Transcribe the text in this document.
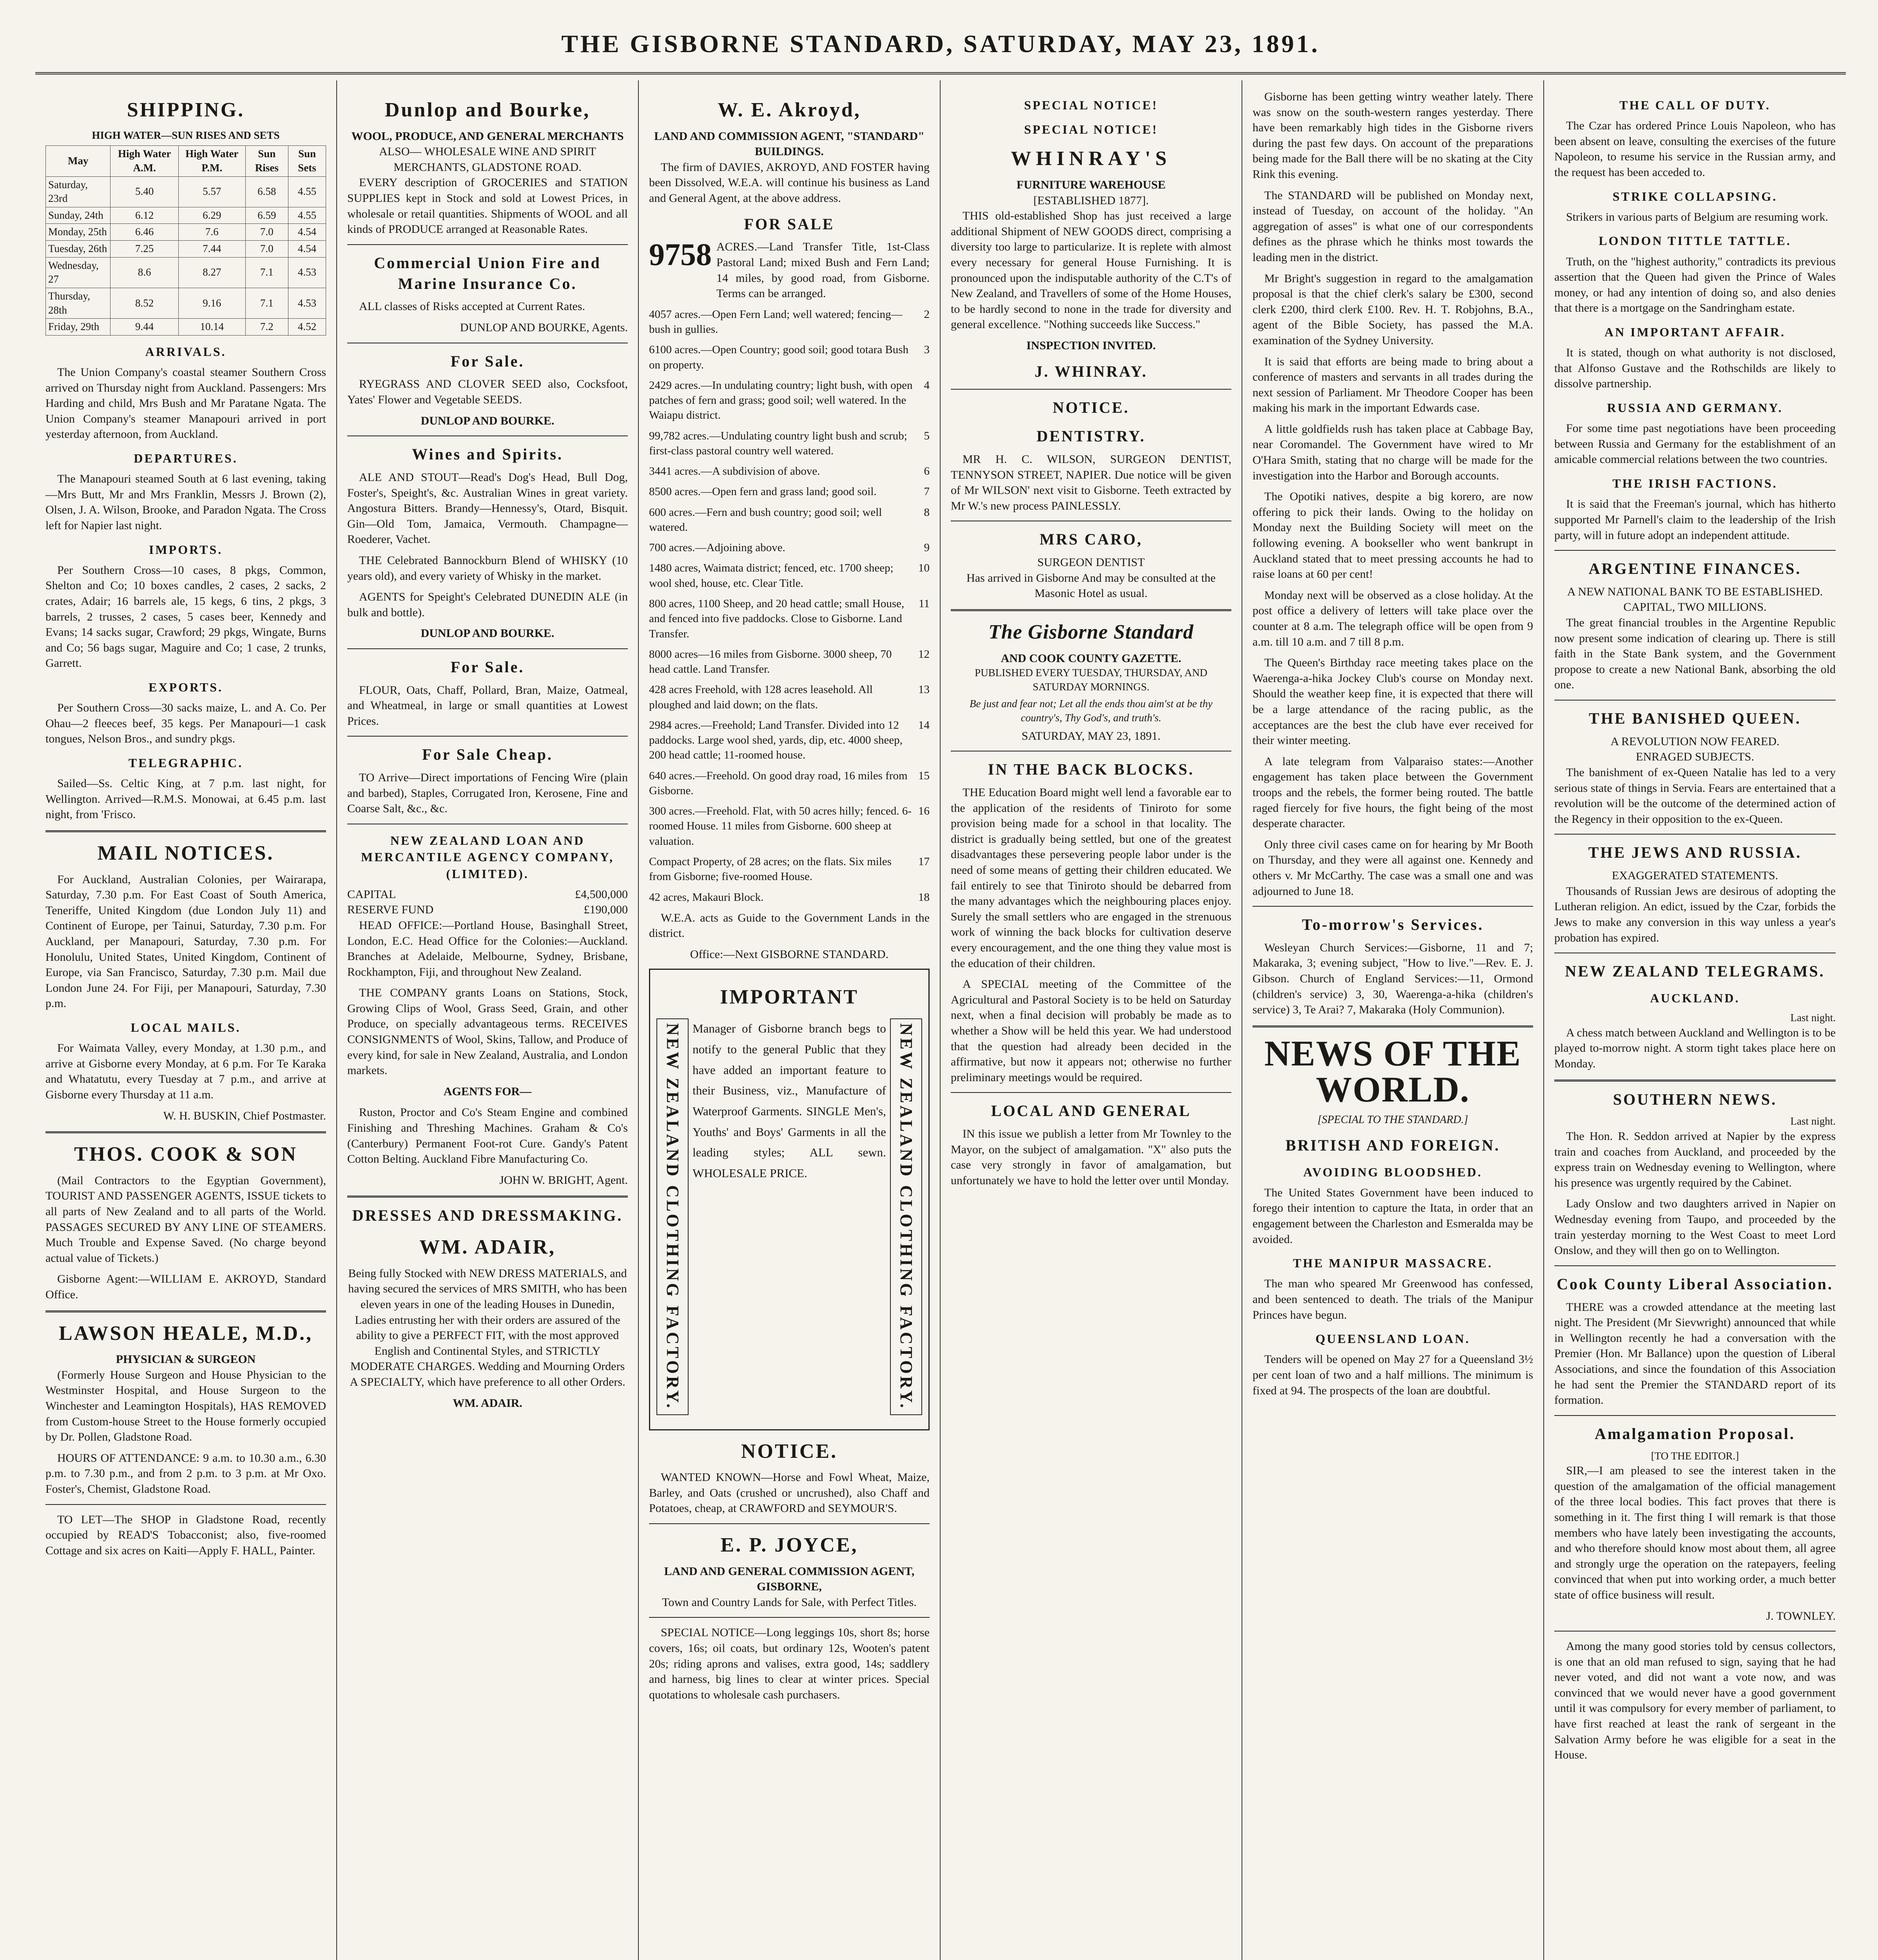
THE GISBORNE STANDARD, SATURDAY, MAY 23, 1891.
SHIPPING.
HIGH WATER—SUN RISES AND SETS
May	High Water A.M.	High Water P.M.	Sun Rises	Sun Sets
Saturday, 23rd	5.40	5.57	6.58	4.55
Sunday, 24th	6.12	6.29	6.59	4.55
Monday, 25th	6.46	7.6	7.0	4.54
Tuesday, 26th	7.25	7.44	7.0	4.54
Wednesday, 27	8.6	8.27	7.1	4.53
Thursday, 28th	8.52	9.16	7.1	4.53
Friday, 29th	9.44	10.14	7.2	4.52
ARRIVALS.

The Union Company's coastal steamer Southern Cross arrived on Thursday night from Auckland. Passengers: Mrs Harding and child, Mrs Bush and Mr Paratane Ngata. The Union Company's steamer Manapouri arrived in port yesterday afternoon, from Auckland.

DEPARTURES.

The Manapouri steamed South at 6 last evening, taking—Mrs Butt, Mr and Mrs Franklin, Messrs J. Brown (2), Olsen, J. A. Wilson, Brooke, and Paradon Ngata. The Cross left for Napier last night.

IMPORTS.

Per Southern Cross—10 cases, 8 pkgs, Common, Shelton and Co; 10 boxes candles, 2 cases, 2 sacks, 2 crates, Adair; 16 barrels ale, 15 kegs, 6 tins, 2 pkgs, 3 barrels, 2 trusses, 2 cases, 5 cases beer, Kennedy and Evans; 14 sacks sugar, Crawford; 29 pkgs, Wingate, Burns and Co; 56 bags sugar, Maguire and Co; 1 case, 2 trunks, Garrett.

EXPORTS.

Per Southern Cross—30 sacks maize, L. and A. Co. Per Ohau—2 fleeces beef, 35 kegs. Per Manapouri—1 cask tongues, Nelson Bros., and sundry pkgs.

TELEGRAPHIC.

Sailed—Ss. Celtic King, at 7 p.m. last night, for Wellington. Arrived—R.M.S. Monowai, at 6.45 p.m. last night, from 'Frisco.

MAIL NOTICES.

For Auckland, Australian Colonies, per Wairarapa, Saturday, 7.30 p.m. For East Coast of South America, Teneriffe, United Kingdom (due London July 11) and Continent of Europe, per Tainui, Saturday, 7.30 p.m. For Auckland, per Manapouri, Saturday, 7.30 p.m. For Honolulu, United States, United Kingdom, Continent of Europe, via San Francisco, Saturday, 7.30 p.m. Mail due London June 24. For Fiji, per Manapouri, Saturday, 7.30 p.m.

LOCAL MAILS.

For Waimata Valley, every Monday, at 1.30 p.m., and arrive at Gisborne every Monday, at 6 p.m. For Te Karaka and Whatatutu, every Tuesday at 7 p.m., and arrive at Gisborne every Thursday at 11 a.m.

W. H. BUSKIN, Chief Postmaster.

THOS. COOK & SON

(Mail Contractors to the Egyptian Government), TOURIST AND PASSENGER AGENTS, ISSUE tickets to all parts of New Zealand and to all parts of the World. PASSAGES SECURED BY ANY LINE OF STEAMERS. Much Trouble and Expense Saved. (No charge beyond actual value of Tickets.)

Gisborne Agent:—WILLIAM E. AKROYD, Standard Office.

LAWSON HEALE, M.D.,
PHYSICIAN & SURGEON

(Formerly House Surgeon and House Physician to the Westminster Hospital, and House Surgeon to the Winchester and Leamington Hospitals), HAS REMOVED from Custom-house Street to the House formerly occupied by Dr. Pollen, Gladstone Road.

HOURS OF ATTENDANCE: 9 a.m. to 10.30 a.m., 6.30 p.m. to 7.30 p.m., and from 2 p.m. to 3 p.m. at Mr Oxo. Foster's, Chemist, Gladstone Road.

TO LET—The SHOP in Gladstone Road, recently occupied by READ'S Tobacconist; also, five-roomed Cottage and six acres on Kaiti—Apply F. HALL, Painter.

Dunlop and Bourke,
WOOL, PRODUCE, AND GENERAL MERCHANTS
ALSO— WHOLESALE WINE AND SPIRIT MERCHANTS, GLADSTONE ROAD.

EVERY description of GROCERIES and STATION SUPPLIES kept in Stock and sold at Lowest Prices, in wholesale or retail quantities. Shipments of WOOL and all kinds of PRODUCE arranged at Reasonable Rates.

Commercial Union Fire and Marine Insurance Co.

ALL classes of Risks accepted at Current Rates.

DUNLOP AND BOURKE, Agents.

For Sale.

RYEGRASS AND CLOVER SEED also, Cocksfoot, Yates' Flower and Vegetable SEEDS.

DUNLOP AND BOURKE.

Wines and Spirits.

ALE AND STOUT—Read's Dog's Head, Bull Dog, Foster's, Speight's, &c. Australian Wines in great variety. Angostura Bitters. Brandy—Hennessy's, Otard, Bisquit. Gin—Old Tom, Jamaica, Vermouth. Champagne—Roederer, Vachet.

THE Celebrated Bannockburn Blend of WHISKY (10 years old), and every variety of Whisky in the market.

AGENTS for Speight's Celebrated DUNEDIN ALE (in bulk and bottle).

DUNLOP AND BOURKE.

For Sale.

FLOUR, Oats, Chaff, Pollard, Bran, Maize, Oatmeal, and Wheatmeal, in large or small quantities at Lowest Prices.

For Sale Cheap.

TO Arrive—Direct importations of Fencing Wire (plain and barbed), Staples, Corrugated Iron, Kerosene, Fine and Coarse Salt, &c., &c.

NEW ZEALAND LOAN AND MERCANTILE AGENCY COMPANY, (LIMITED).
CAPITAL	£4,500,000
RESERVE FUND	£190,000

HEAD OFFICE:—Portland House, Basinghall Street, London, E.C. Head Office for the Colonies:—Auckland. Branches at Adelaide, Melbourne, Sydney, Brisbane, Rockhampton, Fiji, and throughout New Zealand.

THE COMPANY grants Loans on Stations, Stock, Growing Clips of Wool, Grass Seed, Grain, and other Produce, on specially advantageous terms. RECEIVES CONSIGNMENTS of Wool, Skins, Tallow, and Produce of every kind, for sale in New Zealand, Australia, and London markets.

AGENTS FOR—

Ruston, Proctor and Co's Steam Engine and combined Finishing and Threshing Machines. Graham & Co's (Canterbury) Permanent Foot-rot Cure. Gandy's Patent Cotton Belting. Auckland Fibre Manufacturing Co.

JOHN W. BRIGHT, Agent.

DRESSES AND DRESSMAKING.
WM. ADAIR,

Being fully Stocked with NEW DRESS MATERIALS, and having secured the services of MRS SMITH, who has been eleven years in one of the leading Houses in Dunedin, Ladies entrusting her with their orders are assured of the ability to give a PERFECT FIT, with the most approved English and Continental Styles, and STRICTLY MODERATE CHARGES. Wedding and Mourning Orders A SPECIALTY, which have preference to all other Orders.

WM. ADAIR.

W. E. Akroyd,
LAND AND COMMISSION AGENT, "STANDARD" BUILDINGS.

The firm of DAVIES, AKROYD, AND FOSTER having been Dissolved, W.E.A. will continue his business as Land and General Agent, at the above address.

FOR SALE
9758 ACRES.—Land Transfer Title, 1st-Class Pastoral Land; mixed Bush and Fern Land; 14 miles, by good road, from Gisborne. Terms can be arranged.
4057 acres.—Open Fern Land; well watered; fencing—bush in gullies.
2
6100 acres.—Open Country; good soil; good totara Bush on property.
3
2429 acres.—In undulating country; light bush, with open patches of fern and grass; good soil; well watered. In the Waiapu district.
4
99,782 acres.—Undulating country light bush and scrub; first-class pastoral country well watered.
5
3441 acres.—A subdivision of above.	6
8500 acres.—Open fern and grass land; good soil.	7
600 acres.—Fern and bush country; good soil; well watered.
8
700 acres.—Adjoining above.	9
1480 acres, Waimata district; fenced, etc. 1700 sheep; wool shed, house, etc. Clear Title.
10
800 acres, 1100 Sheep, and 20 head cattle; small House, and fenced into five paddocks. Close to Gisborne. Land Transfer.
11
8000 acres—16 miles from Gisborne. 3000 sheep, 70 head cattle. Land Transfer.
12
428 acres Freehold, with 128 acres leasehold. All ploughed and laid down; on the flats.
13
2984 acres.—Freehold; Land Transfer. Divided into 12 paddocks. Large wool shed, yards, dip, etc. 4000 sheep, 200 head cattle; 11-roomed house.
14
640 acres.—Freehold. On good dray road, 16 miles from Gisborne.
15
300 acres.—Freehold. Flat, with 50 acres hilly; fenced. 6-roomed House. 11 miles from Gisborne. 600 sheep at valuation.
16
Compact Property, of 28 acres; on the flats. Six miles from Gisborne; five-roomed House.
17
42 acres, Makauri Block.	18

W.E.A. acts as Guide to the Government Lands in the district.

Office:—Next GISBORNE STANDARD.

IMPORTANT
NEW ZEALAND CLOTHING FACTORY. Manager of Gisborne branch begs to notify to the general Public that they have added an important feature to their Business, viz., Manufacture of Waterproof Garments. SINGLE Men's, Youths' and Boys' Garments in all the leading styles; ALL sewn. WHOLESALE PRICE.	NEW ZEALAND CLOTHING FACTORY.
NOTICE.

WANTED KNOWN—Horse and Fowl Wheat, Maize, Barley, and Oats (crushed or uncrushed), also Chaff and Potatoes, cheap, at CRAWFORD and SEYMOUR'S.

E. P. JOYCE,
LAND AND GENERAL COMMISSION AGENT, GISBORNE,

Town and Country Lands for Sale, with Perfect Titles.

SPECIAL NOTICE—Long leggings 10s, short 8s; horse covers, 16s; oil coats, but ordinary 12s, Wooten's patent 20s; riding aprons and valises, extra good, 14s; saddlery and harness, big lines to clear at winter prices. Special quotations to wholesale cash purchasers.

SPECIAL NOTICE!
SPECIAL NOTICE!
WHINRAY'S
FURNITURE WAREHOUSE
[ESTABLISHED 1877].

THIS old-established Shop has just received a large additional Shipment of NEW GOODS direct, comprising a diversity too large to particularize. It is replete with almost every necessary for general House Furnishing. It is pronounced upon the indisputable authority of the C.T's of New Zealand, and Travellers of some of the Home Houses, to be hardly second to none in the trade for diversity and general excellence. "Nothing succeeds like Success."

INSPECTION INVITED.

J. WHINRAY.
NOTICE.
DENTISTRY.

MR H. C. WILSON, SURGEON DENTIST, TENNYSON STREET, NAPIER. Due notice will be given of Mr WILSON' next visit to Gisborne. Teeth extracted by Mr W.'s new process PAINLESSLY.

MRS CARO,
SURGEON DENTIST

Has arrived in Gisborne And may be consulted at the Masonic Hotel as usual.

The Gisborne Standard
AND COOK COUNTY GAZETTE.
PUBLISHED EVERY TUESDAY, THURSDAY, AND SATURDAY MORNINGS.
Be just and fear not; Let all the ends thou aim'st at be thy country's, Thy God's, and truth's.
SATURDAY, MAY 23, 1891.
IN THE BACK BLOCKS.

THE Education Board might well lend a favorable ear to the application of the residents of Tiniroto for some provision being made for a school in that locality. The district is gradually being settled, but one of the greatest disadvantages these persevering people labor under is the need of some means of getting their children educated. We fail entirely to see that Tiniroto should be debarred from the many advantages which the neighbouring places enjoy. Surely the small settlers who are engaged in the strenuous work of winning the back blocks for cultivation deserve every encouragement, and the one thing they value most is the education of their children.

A SPECIAL meeting of the Committee of the Agricultural and Pastoral Society is to be held on Saturday next, when a final decision will probably be made as to whether a Show will be held this year. We had understood that the question had already been decided in the affirmative, but now it appears not; otherwise no further preliminary meetings would be required.

LOCAL AND GENERAL

IN this issue we publish a letter from Mr Townley to the Mayor, on the subject of amalgamation. "X" also puts the case very strongly in favor of amalgamation, but unfortunately we have to hold the letter over until Monday.

Gisborne has been getting wintry weather lately. There was snow on the south-western ranges yesterday. There have been remarkably high tides in the Gisborne rivers during the past few days. On account of the preparations being made for the Ball there will be no skating at the City Rink this evening.

The STANDARD will be published on Monday next, instead of Tuesday, on account of the holiday. "An aggregation of asses" is what one of our correspondents defines as the phrase which he thinks most towards the leading men in the district.

Mr Bright's suggestion in regard to the amalgamation proposal is that the chief clerk's salary be £300, second clerk £200, third clerk £100. Rev. H. T. Robjohns, B.A., agent of the Bible Society, has passed the M.A. examination of the Sydney University.

It is said that efforts are being made to bring about a conference of masters and servants in all trades during the next session of Parliament. Mr Theodore Cooper has been making his mark in the important Edwards case.

A little goldfields rush has taken place at Cabbage Bay, near Coromandel. The Government have wired to Mr O'Hara Smith, stating that no charge will be made for the investigation into the Harbor and Borough accounts.

The Opotiki natives, despite a big korero, are now offering to pick their lands. Owing to the holiday on Monday next the Building Society will meet on the following evening. A bookseller who went bankrupt in Auckland stated that to meet pressing accounts he had to raise loans at 60 per cent!

Monday next will be observed as a close holiday. At the post office a delivery of letters will take place over the counter at 8 a.m. The telegraph office will be open from 9 a.m. till 10 a.m. and 7 till 8 p.m.

The Queen's Birthday race meeting takes place on the Waerenga-a-hika Jockey Club's course on Monday next. Should the weather keep fine, it is expected that there will be a large attendance of the racing public, as the acceptances are the best the club have ever received for their winter meeting.

A late telegram from Valparaiso states:—Another engagement has taken place between the Government troops and the rebels, the former being routed. The battle raged fiercely for five hours, the fight being of the most desperate character.

Only three civil cases came on for hearing by Mr Booth on Thursday, and they were all against one. Kennedy and others v. Mr McCarthy. The case was a small one and was adjourned to June 18.

To-morrow's Services.

Wesleyan Church Services:—Gisborne, 11 and 7; Makaraka, 3; evening subject, "How to live."—Rev. E. J. Gibson. Church of England Services:—11, Ormond (children's service) 3, 30, Waerenga-a-hika (children's service) 3, Te Arai? 7, Makaraka (Holy Communion).

NEWS OF THE WORLD.
[SPECIAL TO THE STANDARD.]
BRITISH AND FOREIGN.
AVOIDING BLOODSHED.

The United States Government have been induced to forego their intention to capture the Itata, in order that an engagement between the Charleston and Esmeralda may be avoided.

THE MANIPUR MASSACRE.

The man who speared Mr Greenwood has confessed, and been sentenced to death. The trials of the Manipur Princes have begun.

QUEENSLAND LOAN.

Tenders will be opened on May 27 for a Queensland 3½ per cent loan of two and a half millions. The minimum is fixed at 94. The prospects of the loan are doubtful.

THE CALL OF DUTY.

The Czar has ordered Prince Louis Napoleon, who has been absent on leave, consulting the exercises of the future Napoleon, to resume his service in the Russian army, and the request has been acceded to.

STRIKE COLLAPSING.

Strikers in various parts of Belgium are resuming work.

LONDON TITTLE TATTLE.

Truth, on the "highest authority," contradicts its previous assertion that the Queen had given the Prince of Wales money, or had any intention of doing so, and also denies that there is a mortgage on the Sandringham estate.

AN IMPORTANT AFFAIR.

It is stated, though on what authority is not disclosed, that Alfonso Gustave and the Rothschilds are likely to dissolve partnership.

RUSSIA AND GERMANY.

For some time past negotiations have been proceeding between Russia and Germany for the establishment of an amicable commercial relations between the two countries.

THE IRISH FACTIONS.

It is said that the Freeman's journal, which has hitherto supported Mr Parnell's claim to the leadership of the Irish party, will in future adopt an independent attitude.

ARGENTINE FINANCES.
A NEW NATIONAL BANK TO BE ESTABLISHED.
CAPITAL, TWO MILLIONS.

The great financial troubles in the Argentine Republic now present some indication of clearing up. There is still faith in the State Bank system, and the Government propose to create a new National Bank, absorbing the old one.

THE BANISHED QUEEN.
A REVOLUTION NOW FEARED.
ENRAGED SUBJECTS.

The banishment of ex-Queen Natalie has led to a very serious state of things in Servia. Fears are entertained that a revolution will be the outcome of the determined action of the Regency in their opposition to the ex-Queen.

THE JEWS AND RUSSIA.
EXAGGERATED STATEMENTS.

Thousands of Russian Jews are desirous of adopting the Lutheran religion. An edict, issued by the Czar, forbids the Jews to make any conversion in this way unless a year's probation has expired.

NEW ZEALAND TELEGRAMS.
AUCKLAND.
Last night.

A chess match between Auckland and Wellington is to be played to-morrow night. A storm tight takes place here on Monday.

SOUTHERN NEWS.
Last night.

The Hon. R. Seddon arrived at Napier by the express train and coaches from Auckland, and proceeded by the express train on Wednesday evening to Wellington, where his presence was urgently required by the Cabinet.

Lady Onslow and two daughters arrived in Napier on Wednesday evening from Taupo, and proceeded by the train yesterday morning to the West Coast to meet Lord Onslow, and they will then go on to Wellington.

Cook County Liberal Association.

THERE was a crowded attendance at the meeting last night. The President (Mr Sievwright) announced that while in Wellington recently he had a conversation with the Premier (Hon. Mr Ballance) upon the question of Liberal Associations, and since the foundation of this Association he had sent the Premier the STANDARD report of its formation.

Amalgamation Proposal.
[TO THE EDITOR.]

SIR,—I am pleased to see the interest taken in the question of the amalgamation of the official management of the three local bodies. This fact proves that there is something in it. The first thing I will remark is that those members who have lately been investigating the accounts, and who therefore should know most about them, all agree and strongly urge the operation on the ratepayers, feeling convinced that when put into working order, a much better state of office business will result.

J. TOWNLEY.

Among the many good stories told by census collectors, is one that an old man refused to sign, saying that he had never voted, and did not want a vote now, and was convinced that we would never have a good government until it was compulsory for every member of parliament, to have first reached at least the rank of sergeant in the Salvation Army before he was eligible for a seat in the House.
